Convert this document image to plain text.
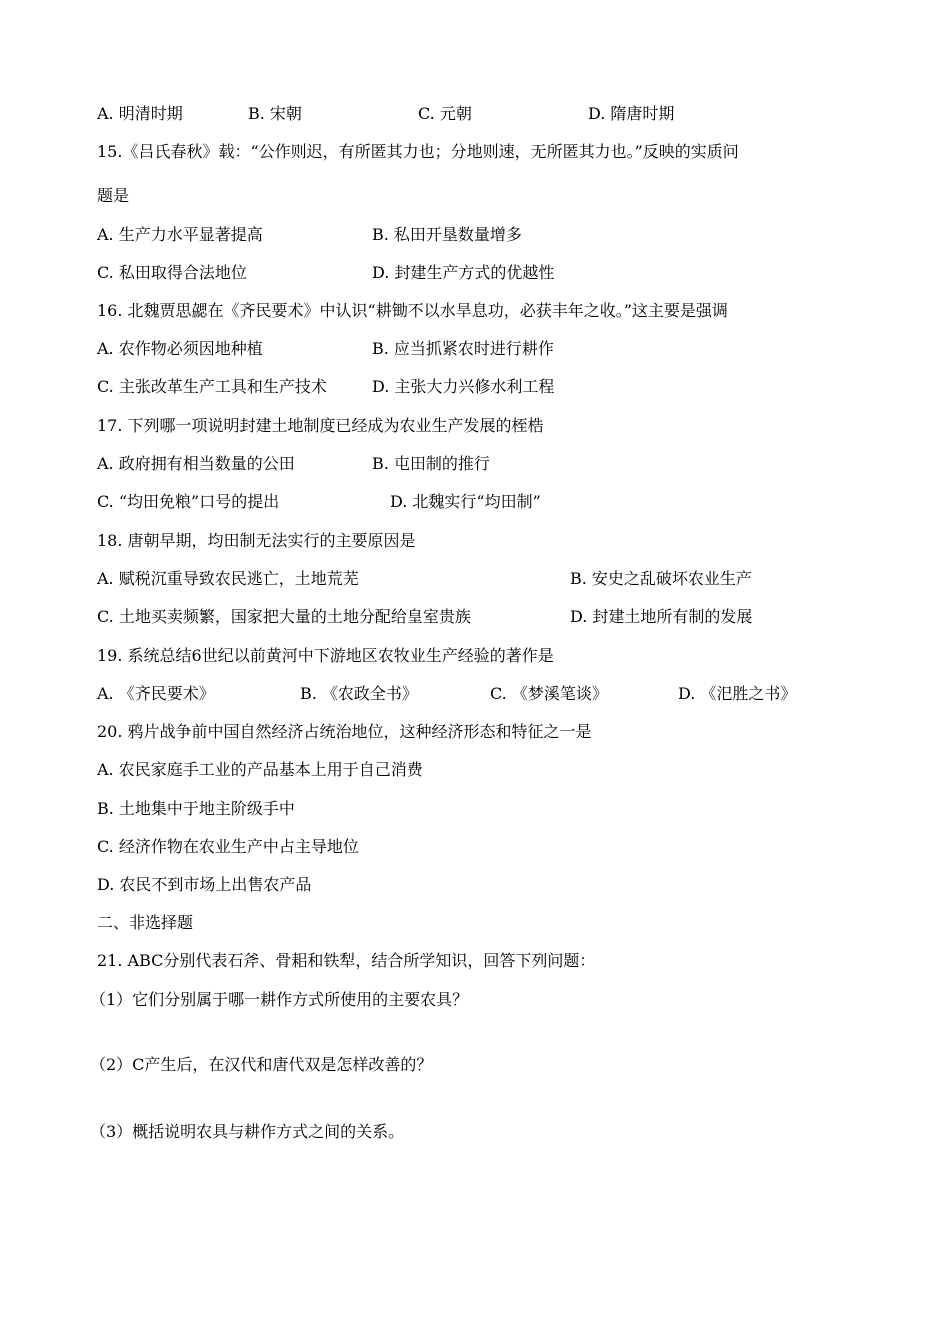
A. 明清时期	B. 宋朝	C. 元朝	D. 隋唐时期
15.《吕氏春秋》载：“公作则迟，有所匿其力也；分地则速，无所匿其力也。”反映的实质问
题是
A. 生产力水平显著提高	B. 私田开垦数量增多
C. 私田取得合法地位	D. 封建生产方式的优越性
16. 北魏贾思勰在《齐民要术》中认识“耕锄不以水旱息功，必获丰年之收。”这主要是强调
A. 农作物必须因地种植	B. 应当抓紧农时进行耕作
C. 主张改革生产工具和生产技术	D. 主张大力兴修水利工程
17. 下列哪一项说明封建土地制度已经成为农业生产发展的桎梏
A. 政府拥有相当数量的公田	B. 屯田制的推行
C. “均田免粮”口号的提出	D. 北魏实行“均田制”
18. 唐朝早期，均田制无法实行的主要原因是
A. 赋税沉重导致农民逃亡，土地荒芜	B. 安史之乱破坏农业生产
C. 土地买卖频繁，国家把大量的土地分配给皇室贵族	D. 封建土地所有制的发展
19. 系统总结6世纪以前黄河中下游地区农牧业生产经验的著作是
A. 《齐民要术》	B. 《农政全书》	C. 《梦溪笔谈》	D. 《汜胜之书》
20. 鸦片战争前中国自然经济占统治地位，这种经济形态和特征之一是
A. 农民家庭手工业的产品基本上用于自己消费
B. 土地集中于地主阶级手中
C. 经济作物在农业生产中占主导地位
D. 农民不到市场上出售农产品
二、非选择题
21. ABC分别代表石斧、骨耜和铁犁，结合所学知识，回答下列问题：
（1）它们分别属于哪一耕作方式所使用的主要农具？
（2）C产生后，在汉代和唐代双是怎样改善的？
（3）概括说明农具与耕作方式之间的关系。
